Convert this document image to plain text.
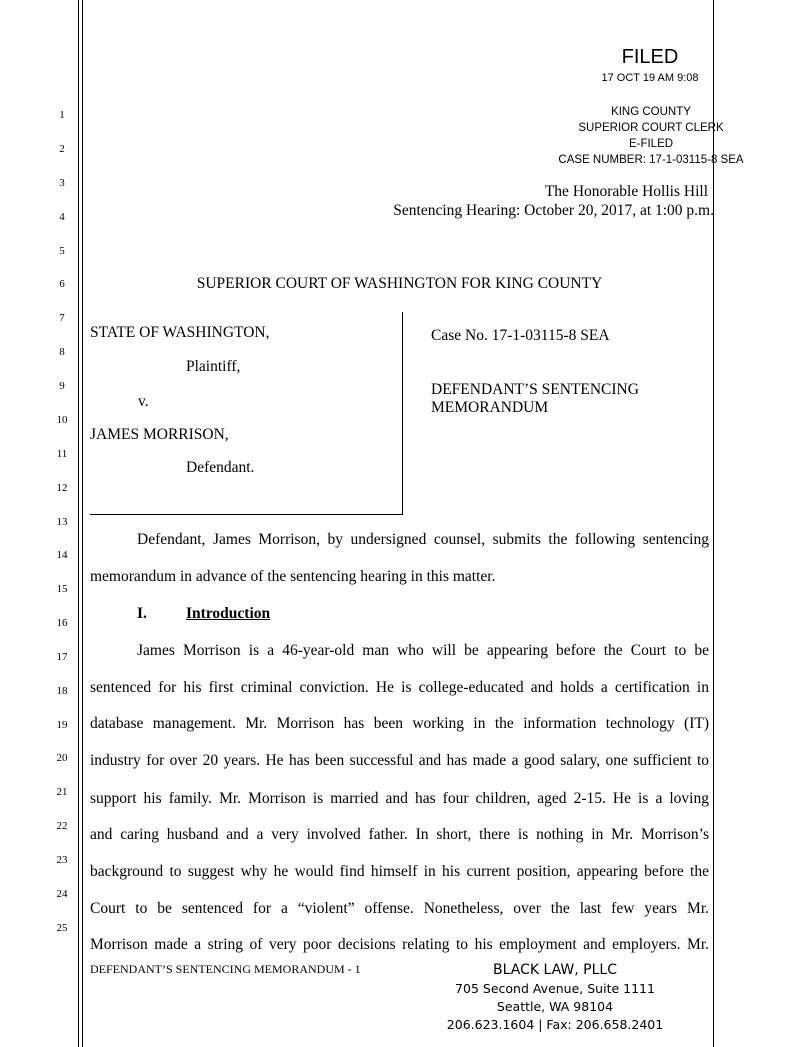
1
2
3
4
5
6
7
8
9
10
11
12
13
14
15
16
17
18
19
20
21
22
23
24
25
FILED
17 OCT 19 AM 9:08
KING COUNTY
SUPERIOR COURT CLERK
E-FILED
CASE NUMBER: 17-1-03115-8 SEA
The Honorable Hollis Hill
Sentencing Hearing: October 20, 2017, at 1:00 p.m.
SUPERIOR COURT OF WASHINGTON FOR KING COUNTY
STATE OF WASHINGTON,
Plaintiff,
v.
JAMES MORRISON,
Defendant.
Case No. 17-1-03115-8 SEA
DEFENDANT’S SENTENCING
MEMORANDUM
Defendant, James Morrison, by undersigned counsel, submits the following sentencing
memorandum in advance of the sentencing hearing in this matter.
I.	Introduction
James Morrison is a 46-year-old man who will be appearing before the Court to be
sentenced for his first criminal conviction. He is college-educated and holds a certification in
database management. Mr. Morrison has been working in the information technology (IT)
industry for over 20 years. He has been successful and has made a good salary, one sufficient to
support his family. Mr. Morrison is married and has four children, aged 2-15. He is a loving
and caring husband and a very involved father. In short, there is nothing in Mr. Morrison’s
background to suggest why he would find himself in his current position, appearing before the
Court to be sentenced for a “violent” offense. Nonetheless, over the last few years Mr.
Morrison made a string of very poor decisions relating to his employment and employers. Mr.
DEFENDANT’S SENTENCING MEMORANDUM - 1	BLACK LAW, PLLC
705 Second Avenue, Suite 1111
Seattle, WA 98104
206.623.1604 | Fax: 206.658.2401
